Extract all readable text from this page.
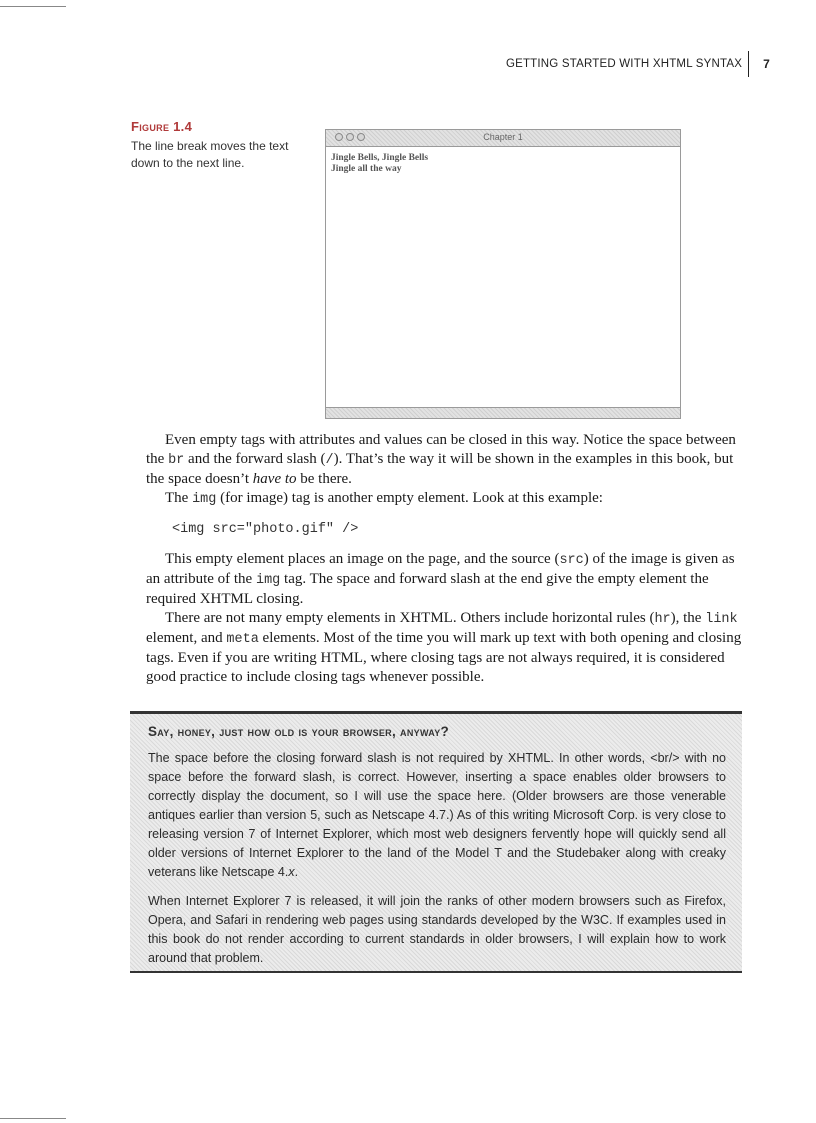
GETTING STARTED WITH XHTML SYNTAX	7
Figure 1.4
The line break moves the text down to the next line.
Chapter 1
Jingle Bells, Jingle Bells
Jingle all the way

Even empty tags with attributes and values can be closed in this way. Notice the space between the br and the forward slash (/). That’s the way it will be shown in the examples in this book, but the space doesn’t have to be there.

The img (for image) tag is another empty element. Look at this example:

<img src="photo.gif" />

This empty element places an image on the page, and the source (src) of the image is given as an attribute of the img tag. The space and forward slash at the end give the empty element the required XHTML closing.

There are not many empty elements in XHTML. Others include horizontal rules (hr), the link element, and meta elements. Most of the time you will mark up text with both opening and closing tags. Even if you are writing HTML, where closing tags are not always required, it is considered good practice to include closing tags whenever possible.

Say, honey, just how old is your browser, anyway?

The space before the closing forward slash is not required by XHTML. In other words, <br/> with no space before the forward slash, is correct. However, inserting a space enables older browsers to correctly display the document, so I will use the space here. (Older browsers are those venerable antiques earlier than version 5, such as Netscape 4.7.) As of this writing Microsoft Corp. is very close to releasing version 7 of Internet Explorer, which most web designers fervently hope will quickly send all older versions of Internet Explorer to the land of the Model T and the Studebaker along with creaky veterans like Netscape 4.x.

When Internet Explorer 7 is released, it will join the ranks of other modern browsers such as Firefox, Opera, and Safari in rendering web pages using standards developed by the W3C. If examples used in this book do not render according to current standards in older browsers, I will explain how to work around that problem.
